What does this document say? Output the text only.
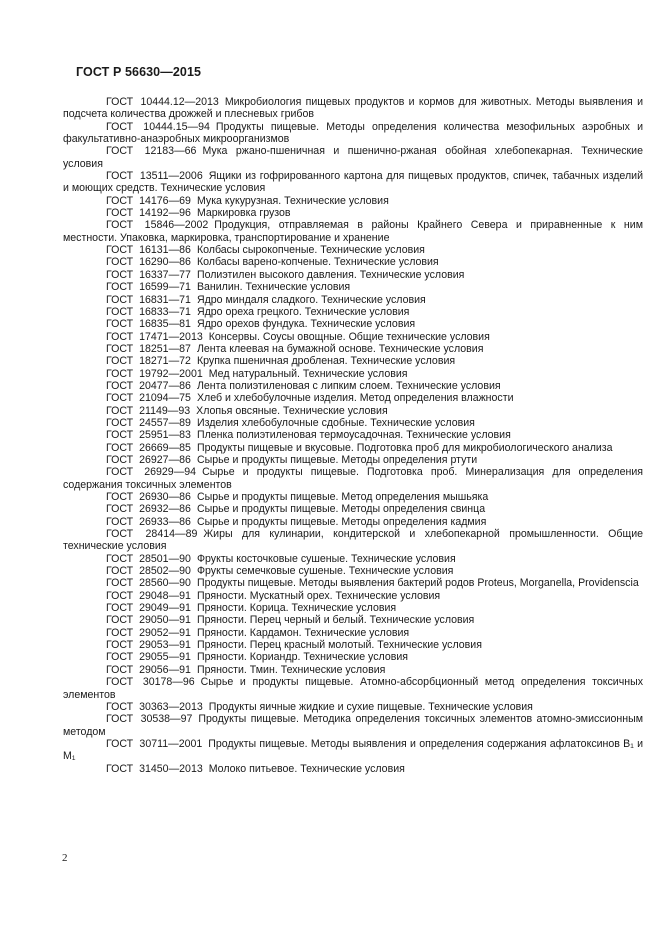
ГОСТ Р 56630—2015
ГОСТ 10444.12—2013 Микробиология пищевых продуктов и кормов для животных. Методы выявления и подсчета количества дрожжей и плесневых грибов
ГОСТ 10444.15—94 Продукты пищевые. Методы определения количества мезофильных аэробных и факультативно-анаэробных микроорганизмов
ГОСТ 12183—66 Мука ржано-пшеничная и пшенично-ржаная обойная хлебопекарная. Технические условия
ГОСТ 13511—2006 Ящики из гофрированного картона для пищевых продуктов, спичек, табачных изделий и моющих средств. Технические условия
ГОСТ 14176—69 Мука кукурузная. Технические условия
ГОСТ 14192—96 Маркировка грузов
ГОСТ 15846—2002 Продукция, отправляемая в районы Крайнего Севера и приравненные к ним местности. Упаковка, маркировка, транспортирование и хранение
ГОСТ 16131—86 Колбасы сырокопченые. Технические условия
ГОСТ 16290—86 Колбасы варено-копченые. Технические условия
ГОСТ 16337—77 Полиэтилен высокого давления. Технические условия
ГОСТ 16599—71 Ванилин. Технические условия
ГОСТ 16831—71 Ядро миндаля сладкого. Технические условия
ГОСТ 16833—71 Ядро ореха грецкого. Технические условия
ГОСТ 16835—81 Ядро орехов фундука. Технические условия
ГОСТ 17471—2013 Консервы. Соусы овощные. Общие технические условия
ГОСТ 18251—87 Лента клеевая на бумажной основе. Технические условия
ГОСТ 18271—72 Крупка пшеничная дробленая. Технические условия
ГОСТ 19792—2001 Мед натуральный. Технические условия
ГОСТ 20477—86 Лента полиэтиленовая с липким слоем. Технические условия
ГОСТ 21094—75 Хлеб и хлебобулочные изделия. Метод определения влажности
ГОСТ 21149—93 Хлопья овсяные. Технические условия
ГОСТ 24557—89 Изделия хлебобулочные сдобные. Технические условия
ГОСТ 25951—83 Пленка полиэтиленовая термоусадочная. Технические условия
ГОСТ 26669—85 Продукты пищевые и вкусовые. Подготовка проб для микробиологического анализа
ГОСТ 26927—86 Сырье и продукты пищевые. Методы определения ртути
ГОСТ 26929—94 Сырье и продукты пищевые. Подготовка проб. Минерализация для определения содержания токсичных элементов
ГОСТ 26930—86 Сырье и продукты пищевые. Метод определения мышьяка
ГОСТ 26932—86 Сырье и продукты пищевые. Методы определения свинца
ГОСТ 26933—86 Сырье и продукты пищевые. Методы определения кадмия
ГОСТ 28414—89 Жиры для кулинарии, кондитерской и хлебопекарной промышленности. Общие технические условия
ГОСТ 28501—90 Фрукты косточковые сушеные. Технические условия
ГОСТ 28502—90 Фрукты семечковые сушеные. Технические условия
ГОСТ 28560—90 Продукты пищевые. Методы выявления бактерий родов Proteus, Morganella, Providenscia
ГОСТ 29048—91 Пряности. Мускатный орех. Технические условия
ГОСТ 29049—91 Пряности. Корица. Технические условия
ГОСТ 29050—91 Пряности. Перец черный и белый. Технические условия
ГОСТ 29052—91 Пряности. Кардамон. Технические условия
ГОСТ 29053—91 Пряности. Перец красный молотый. Технические условия
ГОСТ 29055—91 Пряности. Кориандр. Технические условия
ГОСТ 29056—91 Пряности. Тмин. Технические условия
ГОСТ 30178—96 Сырье и продукты пищевые. Атомно-абсорбционный метод определения токсичных элементов
ГОСТ 30363—2013 Продукты яичные жидкие и сухие пищевые. Технические условия
ГОСТ 30538—97 Продукты пищевые. Методика определения токсичных элементов атомно-эмиссионным методом
ГОСТ 30711—2001 Продукты пищевые. Методы выявления и определения содержания афлатоксинов B₁ и M₁
ГОСТ 31450—2013 Молоко питьевое. Технические условия
2
